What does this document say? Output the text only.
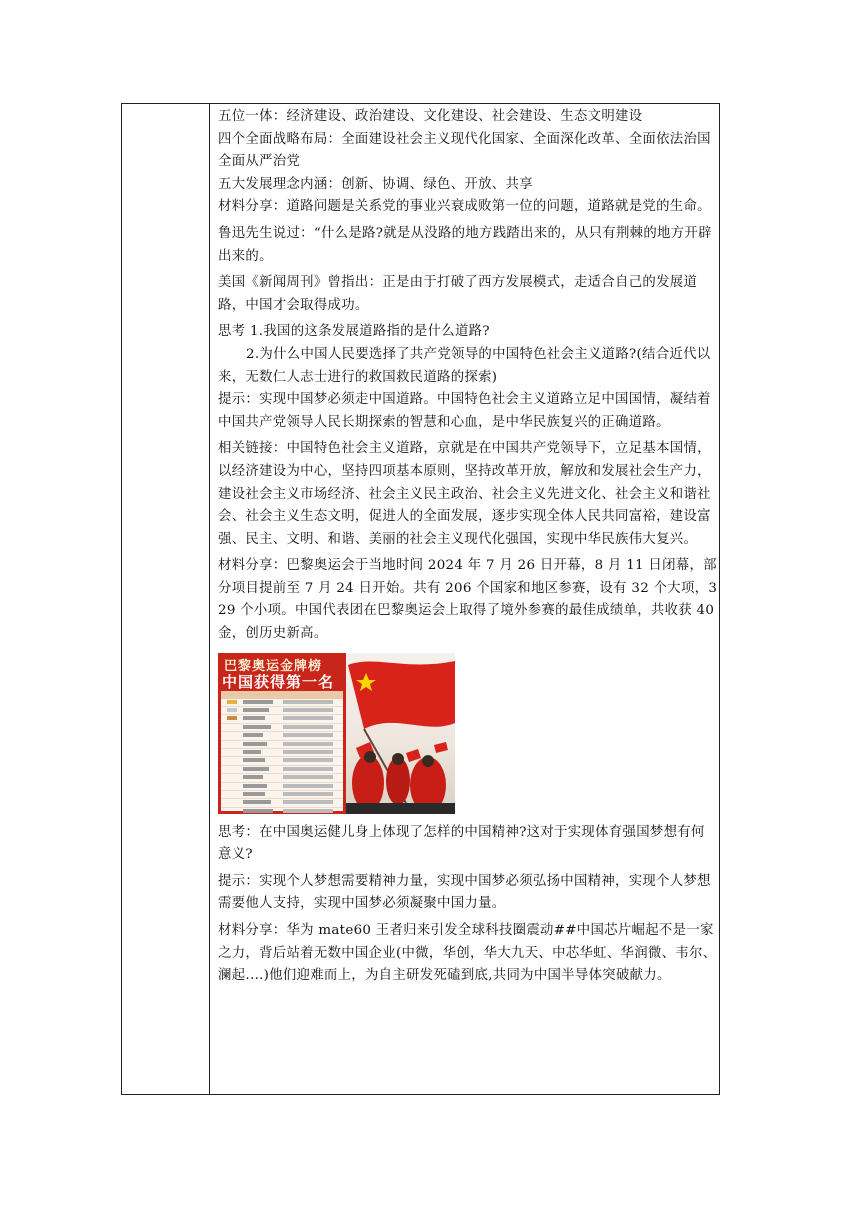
五位一体：经济建设、政治建设、文化建设、社会建设、生态文明建设

四个全面战略布局：全面建设社会主义现代化国家、全面深化改革、全面依法治国全面从严治党

五大发展理念内涵：创新、协调、绿色、开放、共享

材料分享：道路问题是关系党的事业兴衰成败第一位的问题，道路就是党的生命。

鲁迅先生说过：“什么是路?就是从没路的地方践踏出来的，从只有荆棘的地方开辟出来的。

美国《新闻周刊》曾指出：正是由于打破了西方发展模式，走适合自己的发展道路，中国才会取得成功。

思考 1.我国的这条发展道路指的是什么道路?

2.为什么中国人民要选择了共产党领导的中国特色社会主义道路?(结合近代以来，无数仁人志士进行的救国救民道路的探索)

提示：实现中国梦必须走中国道路。中国特色社会主义道路立足中国国情，凝结着中国共产党领导人民长期探索的智慧和心血，是中华民族复兴的正确道路。

相关链接：中国特色社会主义道路，京就是在中国共产党领导下，立足基本国情，以经济建设为中心，坚持四项基本原则，坚持改革开放，解放和发展社会生产力，建设社会主义市场经济、社会主义民主政治、社会主义先进文化、社会主义和谐社会、社会主义生态文明，促进人的全面发展，逐步实现全体人民共同富裕，建设富强、民主、文明、和谐、美丽的社会主义现代化强国，实现中华民族伟大复兴。

材料分享：巴黎奥运会于当地时间 2024 年 7 月 26 日开幕，8 月 11 日闭幕，部分项目提前至 7 月 24 日开始。共有 206 个国家和地区参赛，设有 32 个大项，329 个小项。中国代表团在巴黎奥运会上取得了境外参赛的最佳成绩单，共收获 40 金，创历史新高。

巴黎奥运金牌榜
中国获得第一名

思考：在中国奥运健儿身上体现了怎样的中国精神?这对于实现体育强国梦想有何意义?

提示：实现个人梦想需要精神力量，实现中国梦必须弘扬中国精神，实现个人梦想需要他人支持，实现中国梦必须凝聚中国力量。

材料分享：华为 mate60 王者归来引发全球科技圈震动##中国芯片崛起不是一家之力，背后站着无数中国企业(中微，华创，华大九天、中芯华虹、华润微、韦尔、澜起.…)他们迎难而上，为自主研发死磕到底,共同为中国半导体突破献力。
